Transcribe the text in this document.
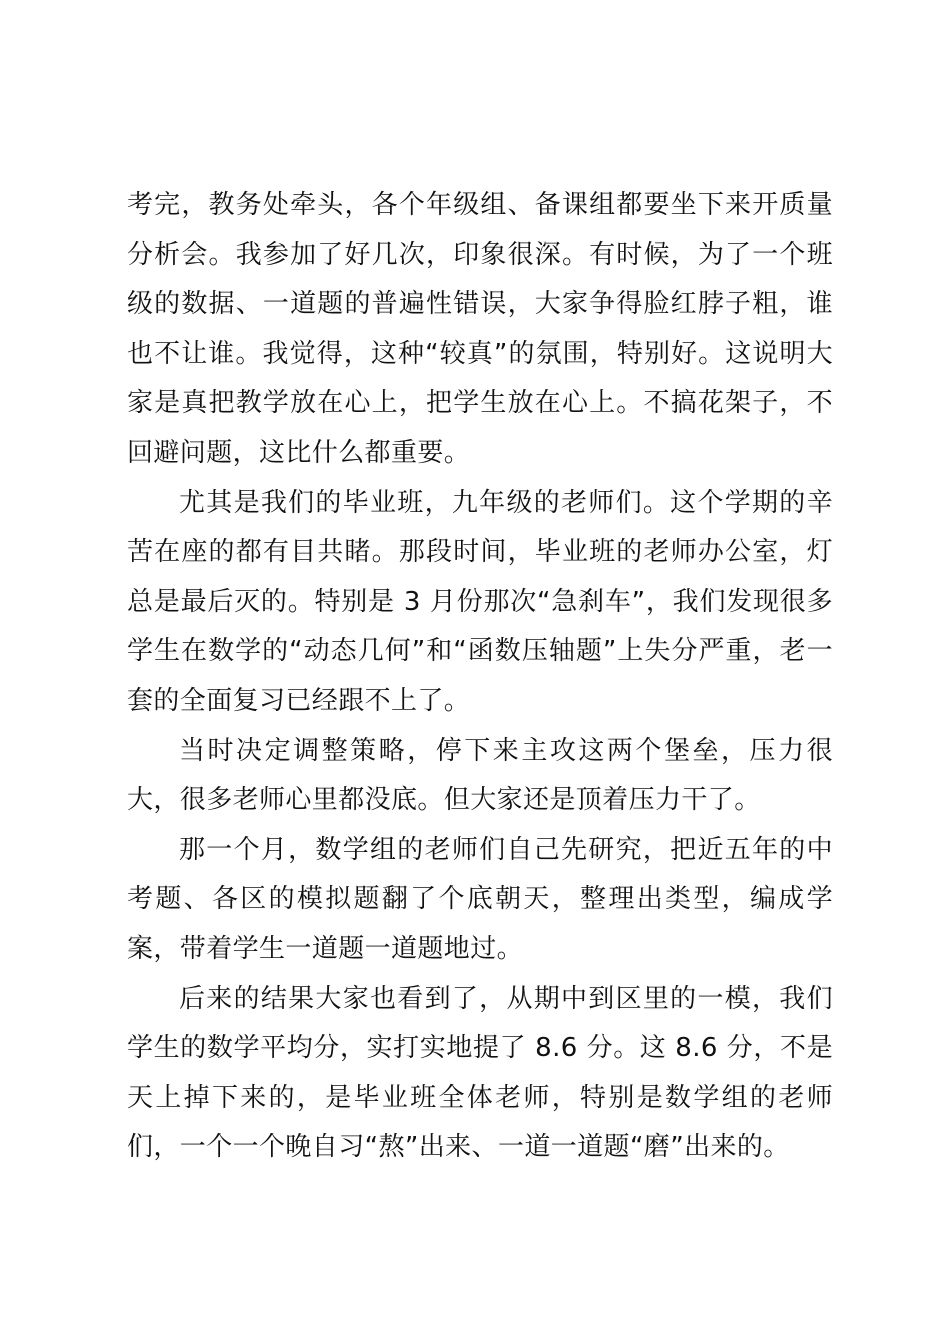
考完，教务处牵头，各个年级组、备课组都要坐下来开质量分析会。我参加了好几次，印象很深。有时候，为了一个班级的数据、一道题的普遍性错误，大家争得脸红脖子粗，谁也不让谁。我觉得，这种“较真”的氛围，特别好。这说明大家是真把教学放在心上，把学生放在心上。不搞花架子，不回避问题，这比什么都重要。

尤其是我们的毕业班，九年级的老师们。这个学期的辛苦在座的都有目共睹。那段时间，毕业班的老师办公室，灯总是最后灭的。特别是 3 月份那次“急刹车”，我们发现很多学生在数学的“动态几何”和“函数压轴题”上失分严重，老一套的全面复习已经跟不上了。

当时决定调整策略，停下来主攻这两个堡垒，压力很大，很多老师心里都没底。但大家还是顶着压力干了。

那一个月，数学组的老师们自己先研究，把近五年的中考题、各区的模拟题翻了个底朝天，整理出类型，编成学案，带着学生一道题一道题地过。

后来的结果大家也看到了，从期中到区里的一模，我们学生的数学平均分，实打实地提了 8.6 分。这 8.6 分，不是天上掉下来的，是毕业班全体老师，特别是数学组的老师们，一个一个晚自习“熬”出来、一道一道题“磨”出来的。
